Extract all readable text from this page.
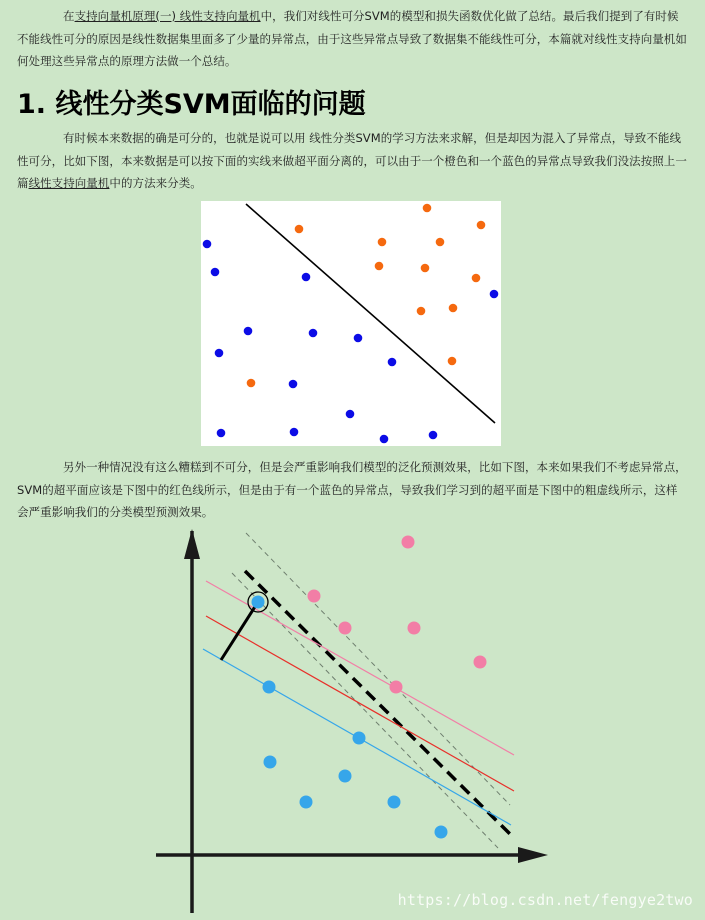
在支持向量机原理(一) 线性支持向量机中，我们对线性可分SVM的模型和损失函数优化做了总结。最后我们提到了有时候不能线性可分的原因是线性数据集里面多了少量的异常点，由于这些异常点导致了数据集不能线性可分，本篇就对线性支持向量机如何处理这些异常点的原理方法做一个总结。

1. 线性分类SVM面临的问题

有时候本来数据的确是可分的，也就是说可以用 线性分类SVM的学习方法来求解，但是却因为混入了异常点，导致不能线性可分，比如下图，本来数据是可以按下面的实线来做超平面分离的，可以由于一个橙色和一个蓝色的异常点导致我们没法按照上一篇线性支持向量机中的方法来分类。

另外一种情况没有这么糟糕到不可分，但是会严重影响我们模型的泛化预测效果，比如下图，本来如果我们不考虑异常点，SVM的超平面应该是下图中的红色线所示，但是由于有一个蓝色的异常点，导致我们学习到的超平面是下图中的粗虚线所示，这样会严重影响我们的分类模型预测效果。

https://blog.csdn.net/fengye2two
